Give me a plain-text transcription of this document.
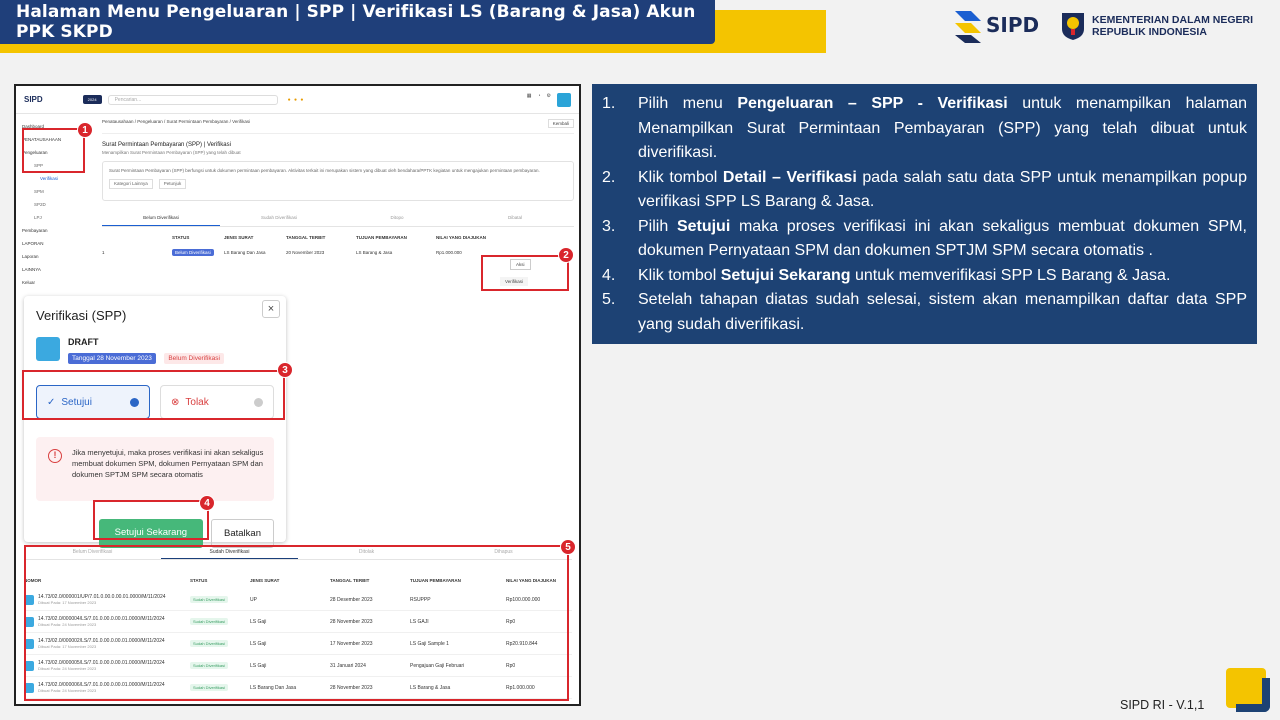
Halaman Menu Pengeluaran | SPP | Verifikasi LS (Barang & Jasa) Akun PPK SKPD	SIPD	KEMENTERIAN DALAM NEGERI
REPUBLIK INDONESIA
SIPD	2024	Pencarian...	● ● ●
▦ ◔ ⚙
Dashboard
PENATAUSAHAAN
Pengeluaran
SPP
Verifikasi
SPM
SP2D
LPJ
Pembayaran
LAPORAN
Laporan
LAINNYA
Keluar
Penatausahaan / Pengeluaran / Surat Permintaan Pembayaran / Verifikasi	Kembali
Surat Permintaan Pembayaran (SPP) | Verifikasi
Menampilkan Surat Permintaan Pembayaran (SPP) yang telah dibuat
Surat Permintaan Pembayaran (SPP) berfungsi untuk dokumen permintaan pembayaran. Aktivitas terkait ini merupakan sistem yang dibuat oleh bendahara/PPTK kegiatan untuk mengajukan permintaan pembayaran.
Kategori Lainnya	Petunjuk
Belum Diverifikasi	Sudah Diverifikasi	Ditopo	Dibatal
STATUS	JENIS SURAT	TANGGAL TERBIT	TUJUAN PEMBAYARAN	NILAI YANG DIAJUKAN
1	Belum Diverifikasi	LS Barang Dan Jasa	20 November 2023	LS Barang & Jasa	Rp1.000.000
Aksi
Verifikasi
Verifikasi (SPP)	×
DRAFT
Tanggal 28 November 2023	Belum Diverifikasi
✓ Setujui	⊗ Tolak
!	Jika menyetujui, maka proses verifikasi ini akan sekaligus membuat dokumen SPM, dokumen Pernyataan SPM dan dokumen SPTJM SPM secara otomatis
Setujui Sekarang	Batalkan
Belum Diverifikasi	Sudah Diverifikasi	Ditolak	Dihapus
NOMOR	STATUS	JENIS SURAT	TANGGAL TERBIT	TUJUAN PEMBAYARAN	NILAI YANG DIAJUKAN
14.73/02.0/000001/UP/7.01.0.00.0.00.01.0000/M/11/2024
Dibuat Pada: 17 November 2023
Sudah Diverifikasi	UP	28 Desember 2023	RSUPPP	Rp100.000.000
14.73/02.0/000004/LS/7.01.0.00.0.00.01.0000/M/11/2024
Dibuat Pada: 24 November 2023
Sudah Diverifikasi	LS Gaji	28 November 2023	LS GAJI	Rp0
14.73/02.0/000002/LS/7.01.0.00.0.00.01.0000/M/11/2024
Dibuat Pada: 17 November 2023
Sudah Diverifikasi	LS Gaji	17 November 2023	LS Gaji Sample 1	Rp20.910.844
14.73/02.0/000005/LS/7.01.0.00.0.00.01.0000/M/11/2024
Dibuat Pada: 24 November 2023
Sudah Diverifikasi	LS Gaji	31 Januari 2024	Pengajuan Gaji Februari	Rp0
14.73/02.0/000006/LS/7.01.0.00.0.00.01.0000/M/11/2024
Dibuat Pada: 24 November 2023
Sudah Diverifikasi	LS Barang Dan Jasa	28 November 2023	LS Barang & Jasa	Rp1.000.000
1
2
3
4
5
1.	Pilih menu Pengeluaran – SPP - Verifikasi untuk menampilkan halaman Menampilkan Surat Permintaan Pembayaran (SPP) yang telah dibuat untuk diverifikasi.
2.	Klik tombol Detail – Verifikasi pada salah satu data SPP untuk menampilkan popup verifikasi SPP LS Barang & Jasa.
3.	Pilih Setujui maka proses verifikasi ini akan sekaligus membuat dokumen SPM, dokumen Pernyataan SPM dan dokumen SPTJM SPM secara otomatis .
4.	Klik tombol Setujui Sekarang untuk memverifikasi SPP LS Barang & Jasa.
5.	Setelah tahapan diatas sudah selesai, sistem akan menampilkan daftar data SPP yang sudah diverifikasi.
SIPD RI - V.1,1
